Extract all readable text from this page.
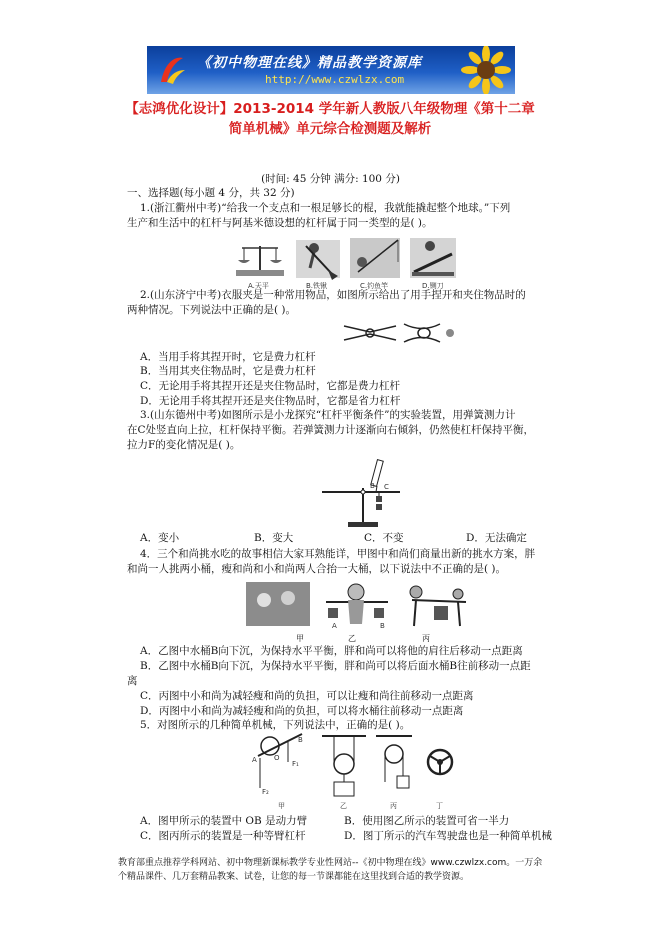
《初中物理在线》精品教学资源库
http://www.czwlzx.com
【志鸿优化设计】2013-2014 学年新人教版八年级物理《第十二章
简单机械》单元综合检测题及解析
(时间: 45 分钟 满分: 100 分)
一、选择题(每小题 4 分，共 32 分)
1.(浙江衢州中考)“给我一个支点和一根足够长的棍，我就能撬起整个地球。”下列
生产和生活中的杠杆与阿基米德设想的杠杆属于同一类型的是( )。
A.天平	B.铁锹	C.钓鱼竿	D.铡刀
2.(山东济宁中考)衣服夹是一种常用物品，如图所示给出了用手捏开和夹住物品时的
两种情况。下列说法中正确的是( )。
A．当用手将其捏开时，它是费力杠杆
B．当用其夹住物品时，它是费力杠杆
C．无论用手将其捏开还是夹住物品时，它都是费力杠杆
D．无论用手将其捏开还是夹住物品时，它都是省力杠杆
3.(山东德州中考)如图所示是小龙探究“杠杆平衡条件”的实验装置，用弹簧测力计
在C处竖直向上拉，杠杆保持平衡。若弹簧测力计逐渐向右倾斜，仍然使杠杆保持平衡，
拉力F的变化情况是( )。
B C
A．变小	B．变大	C．不变	D．无法确定
4．三个和尚挑水吃的故事相信大家耳熟能详，甲图中和尚们商量出新的挑水方案，胖
和尚一人挑两小桶，瘦和尚和小和尚两人合抬一大桶，以下说法中不正确的是( )。
A	B
甲	乙	丙
A．乙图中水桶B向下沉，为保持水平平衡，胖和尚可以将他的肩往后移动一点距离
B．乙图中水桶B向下沉，为保持水平平衡，胖和尚可以将后面水桶B往前移动一点距
离
C．丙图中小和尚为减轻瘦和尚的负担，可以让瘦和尚往前移动一点距离
D．丙图中小和尚为减轻瘦和尚的负担，可以将水桶往前移动一点距离
5．对图所示的几种简单机械，下列说法中，正确的是( )。
A
B
O
F₁
F₂
甲	乙	丙	丁
A．图甲所示的装置中 OB 是动力臂	B．使用图乙所示的装置可省一半力
C．图丙所示的装置是一种等臂杠杆	D．图丁所示的汽车驾驶盘也是一种简单机械
教育部重点推荐学科网站、初中物理新课标教学专业性网站--《初中物理在线》www.czwlzx.com。一万余
个精品课件、几万套精品教案、试卷，让您的每一节课都能在这里找到合适的教学资源。
